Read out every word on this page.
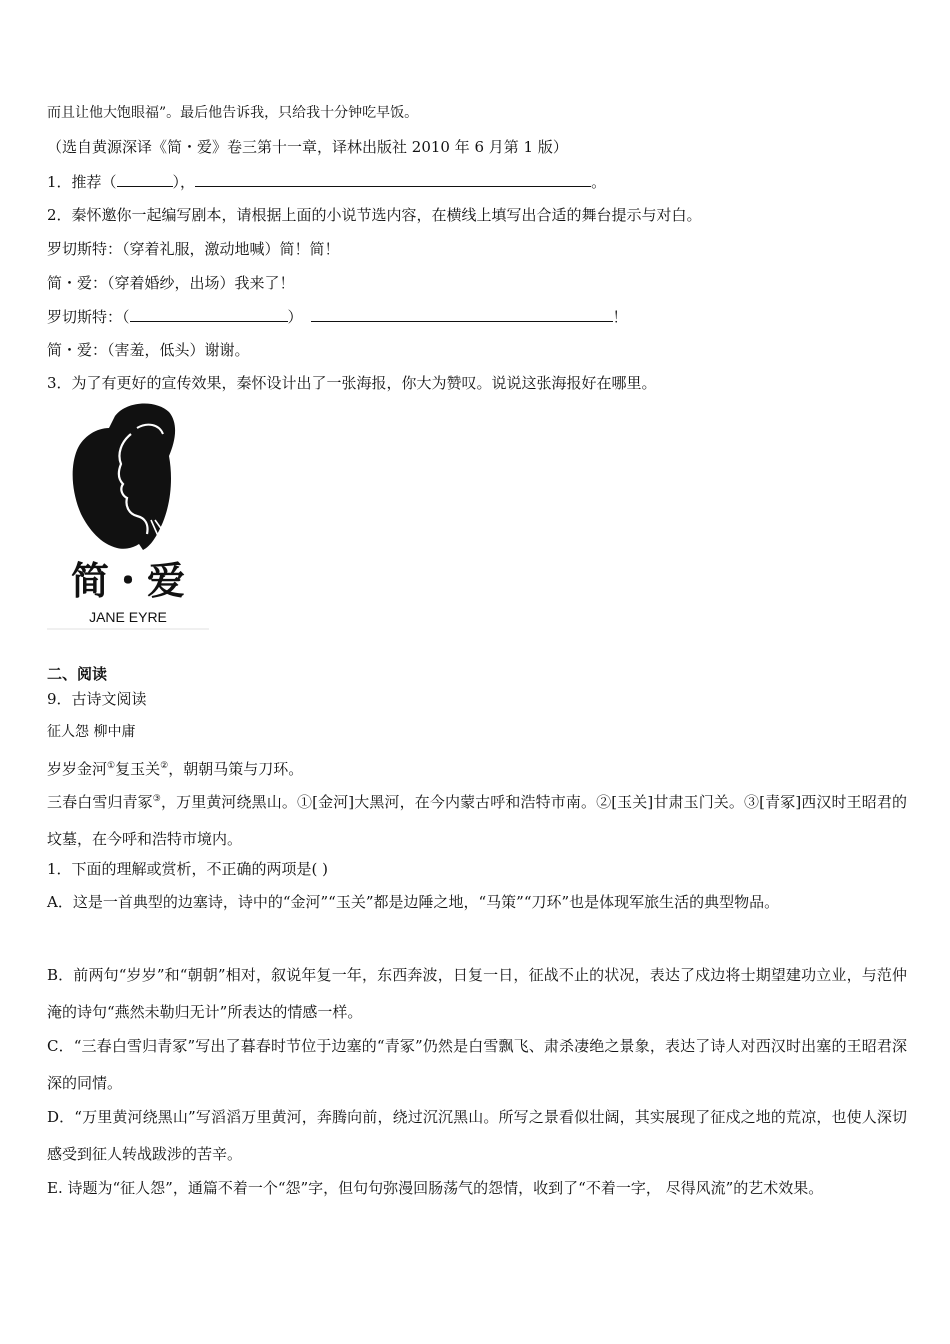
而且让他大饱眼福”。最后他告诉我，只给我十分钟吃早饭。
（选自黄源深译《简・爱》卷三第十一章，译林出版社 2010 年 6 月第 1 版）
1．推荐（	），	。
2．秦怀邀你一起编写剧本，请根据上面的小说节选内容，在横线上填写出合适的舞台提示与对白。
罗切斯特：（穿着礼服，激动地喊）简！简！
简・爱：（穿着婚纱，出场）我来了！
罗切斯特：（	）	！
简・爱：（害羞，低头）谢谢。
3．为了有更好的宣传效果，秦怀设计出了一张海报，你大为赞叹。说说这张海报好在哪里。
简・爱
JANE EYRE
二、阅读
9．古诗文阅读
征人怨 柳中庸
岁岁金河①复玉关②，朝朝马策与刀环。
三春白雪归青冢③，万里黄河绕黑山。①[金河]大黑河，在今内蒙古呼和浩特市南。②[玉关]甘肃玉门关。③[青冢]西汉时王昭君的坟墓，在今呼和浩特市境内。
1．下面的理解或赏析，不正确的两项是( )
A．这是一首典型的边塞诗，诗中的“金河”“玉关”都是边陲之地，“马策”“刀环”也是体现军旅生活的典型物品。
B．前两句“岁岁”和“朝朝”相对，叙说年复一年，东西奔波，日复一日，征战不止的状况，表达了戍边将士期望建功立业，与范仲淹的诗句“燕然未勒归无计”所表达的情感一样。
C．“三春白雪归青冢”写出了暮春时节位于边塞的“青冢”仍然是白雪飘飞、肃杀凄绝之景象，表达了诗人对西汉时出塞的王昭君深深的同情。
D．“万里黄河绕黑山”写滔滔万里黄河，奔腾向前，绕过沉沉黑山。所写之景看似壮阔，其实展现了征戍之地的荒凉，也使人深切感受到征人转战跋涉的苦辛。
E. 诗题为“征人怨”，通篇不着一个“怨”字，但句句弥漫回肠荡气的怨情，收到了“不着一字， 尽得风流”的艺术效果。
